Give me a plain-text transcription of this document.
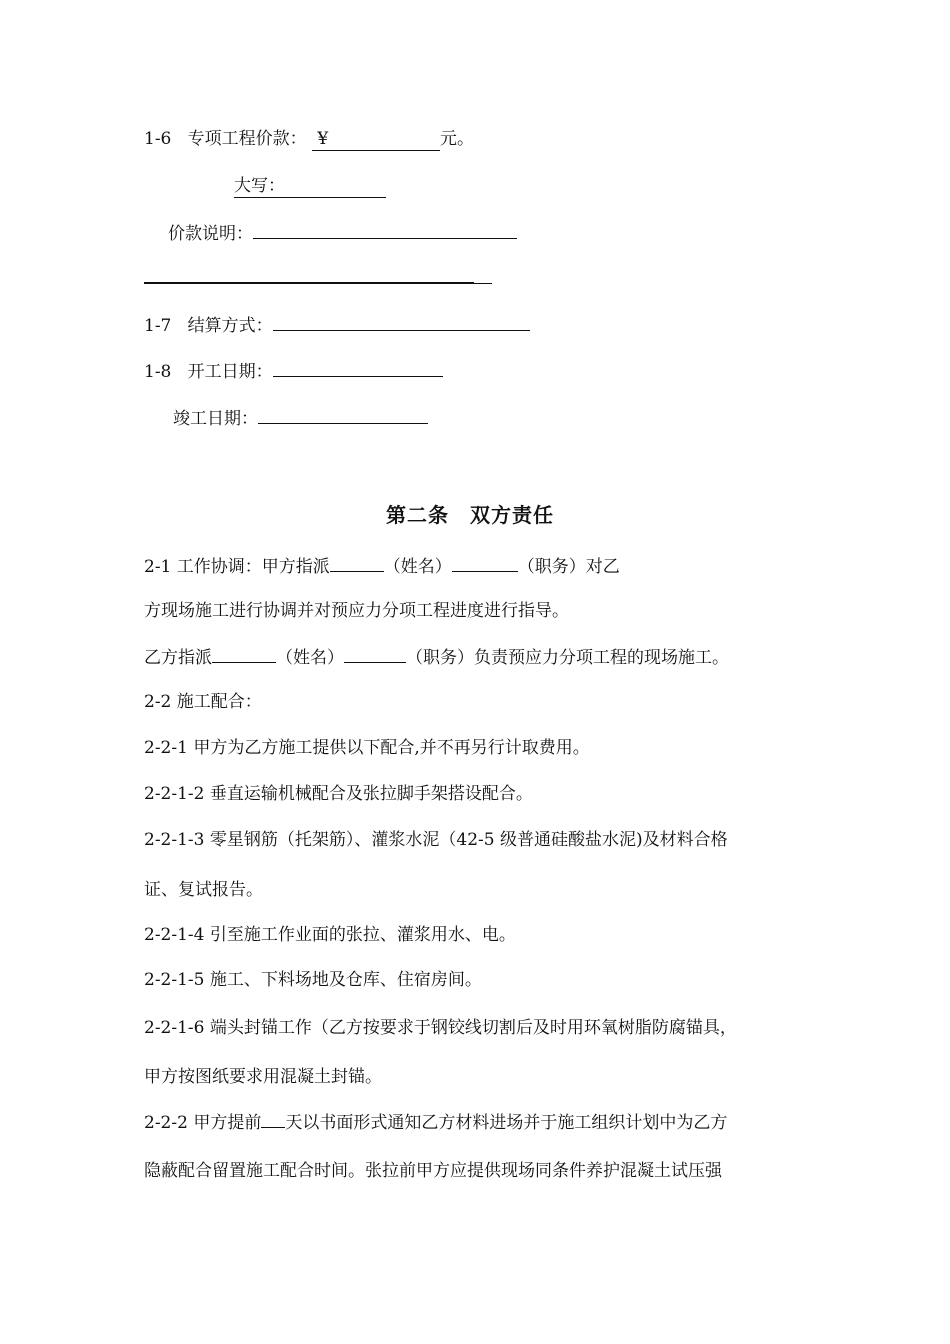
1-6 专项工程价款： ¥	元。
大写：
价款说明：
1-7 结算方式：
1-8 开工日期：
竣工日期：
第二条　双方责任
2-1 工作协调：甲方指派	（姓名）	（职务）对乙
方现场施工进行协调并对预应力分项工程进度进行指导。
乙方指派	（姓名）	（职务）负责预应力分项工程的现场施工。
2-2 施工配合：
2-2-1 甲方为乙方施工提供以下配合,并不再另行计取费用。
2-2-1-2 垂直运输机械配合及张拉脚手架搭设配合。
2-2-1-3 零星钢筋（托架筋）、灌浆水泥（42-5 级普通硅酸盐水泥)及材料合格
证、复试报告。
2-2-1-4 引至施工作业面的张拉、灌浆用水、电。
2-2-1-5 施工、下料场地及仓库、住宿房间。
2-2-1-6 端头封锚工作（乙方按要求于钢铰线切割后及时用环氧树脂防腐锚具，
甲方按图纸要求用混凝土封锚。
2-2-2 甲方提前 天以书面形式通知乙方材料进场并于施工组织计划中为乙方
隐蔽配合留置施工配合时间。张拉前甲方应提供现场同条件养护混凝土试压强
